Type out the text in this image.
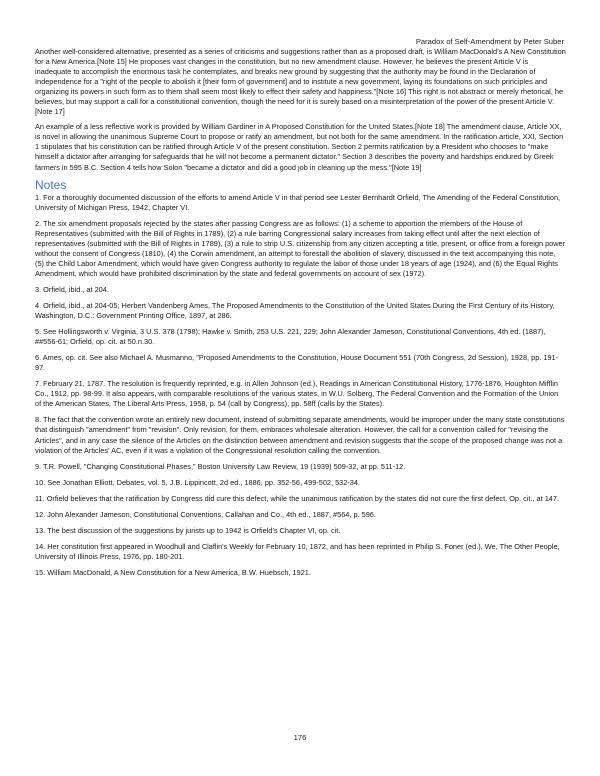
Paradox of Self-Amendment by Peter Suber

Another well-considered alternative, presented as a series of criticisms and suggestions rather than as a proposed draft, is William MacDonald's A New Constitution for a New America.[Note 15] He proposes vast changes in the constitution, but no new amendment clause. However, he believes the present Article V is inadequate to accomplish the enormous task he contemplates, and breaks new ground by suggesting that the authority may be found in the Declaration of Independence for a "right of the people to abolish it [their form of government] and to institute a new government, laying its foundations on such principles and organizing its powers in such form as to them shall seem most likely to effect their safety and happiness."[Note 16] This right is not abstract or merely rhetorical, he believes, but may support a call for a constitutional convention, though the need for it is surely based on a misinterpretation of the power of the present Article V.[Note 17]

An example of a less reflective work is provided by William Gardiner in A Proposed Constitution for the United States.[Note 18] The amendment clause, Article XX, is novel in allowing the unanimous Supreme Court to propose or ratify an amendment, but not both for the same amendment. In the ratification article, XXI, Section 1 stipulates that his constitution can be ratified through Article V of the present constitution. Section 2 permits ratification by a President who chooses to "make himself a dictator after arranging for safeguards that he will not become a permanent dictator." Section 3 describes the poverty and hardships endured by Greek farmers in 595 B.C. Section 4 tells how Solon "became a dictator and did a good job in cleaning up the mess."[Note 19]

Notes

1. For a thoroughly documented discussion of the efforts to amend Article V in that period see Lester Bernhardt Orfield, The Amending of the Federal Constitution, University of Michigan Press, 1942, Chapter VI.

2. The six amendment proposals rejected by the states after passing Congress are as follows: (1) a scheme to apportion the members of the House of Representatives (submitted with the Bill of Rights in 1789), (2) a rule barring Congressional salary increases from taking effect until after the next election of representatives (submitted with the Bill of Rights in 1789), (3) a rule to strip U.S. citizenship from any citizen accepting a title, present, or office from a foreign power without the consent of Congress (1810), (4) the Corwin amendment, an attempt to forestall the abolition of slavery, discussed in the text accompanying this note, (5) the Child Labor Amendment, which would have given Congress authority to regulate the labor of those under 18 years of age (1924), and (6) the Equal Rights Amendment, which would have prohibited discrimination by the state and federal governments on account of sex (1972).

3. Orfield, ibid., at 204.

4. Orfield, ibid., at 204-05; Herbert Vandenberg Ames, The Proposed Amendments to the Constitution of the United States During the First Century of its History, Washington, D.C.: Government Printing Office, 1897, at 286.

5. See Hollingsworth v. Virginia, 3 U.S. 378 (1798); Hawke v. Smith, 253 U.S. 221, 229; John Alexander Jameson, Constitutional Conventions, 4th ed. (1887), ##556-61; Orfield, op. cit. at 50.n.30.

6. Ames, op. cit. See also Michael A. Musmanno, "Proposed Amendments to the Constitution, House Document 551 (70th Congress, 2d Session), 1928, pp. 191-97.

7. February 21, 1787. The resolution is frequently reprinted, e.g. in Allen Johnson (ed.), Readings in American Constitutional History, 1776-1876, Houghton Mifflin Co., 1912, pp. 98-99. It also appears, with comparable resolutions of the various states, in W.U. Solberg, The Federal Convention and the Formation of the Union of the American States, The Liberal Arts Press, 1958, p. 54 (call by Congress), pp. 58ff (calls by the States).

8. The fact that the convention wrote an entirely new document, instead of submitting separate amendments, would be improper under the many state constitutions that distinguish "amendment" from "revision". Only revision, for them, embraces wholesale alteration. However, the call for a convention called for "revising the Articles", and in any case the silence of the Articles on the distinction between amendment and revision suggests that the scope of the proposed change was not a violation of the Articles' AC, even if it was a violation of the Congressional resolution calling the convention.

9. T.R. Powell, "Changing Constitutional Phases," Boston University Law Review, 19 (1939) 509-32, at pp. 511-12.

10. See Jonathan Elliott, Debates, vol. 5, J.B. Lippincott, 2d ed., 1886, pp. 352-56, 499-502, 532-34.

11. Orfield believes that the ratification by Congress did cure this defect, while the unanimous ratification by the states did not cure the first defect. Op. cit., at 147.

12. John Alexander Jameson, Constitutional Conventions, Callahan and Co., 4th ed., 1887, #564, p. 596.

13. The best discussion of the suggestions by jurists up to 1942 is Orfield's Chapter VI, op. cit.

14. Her constitution first appeared in Woodhull and Claflin's Weekly for February 10, 1872, and has been reprinted in Philip S. Foner (ed.), We, The Other People, University of Illinois Press, 1976, pp. 180-201.

15. William MacDonald, A New Constitution for a New America, B.W. Huebsch, 1921.

176
